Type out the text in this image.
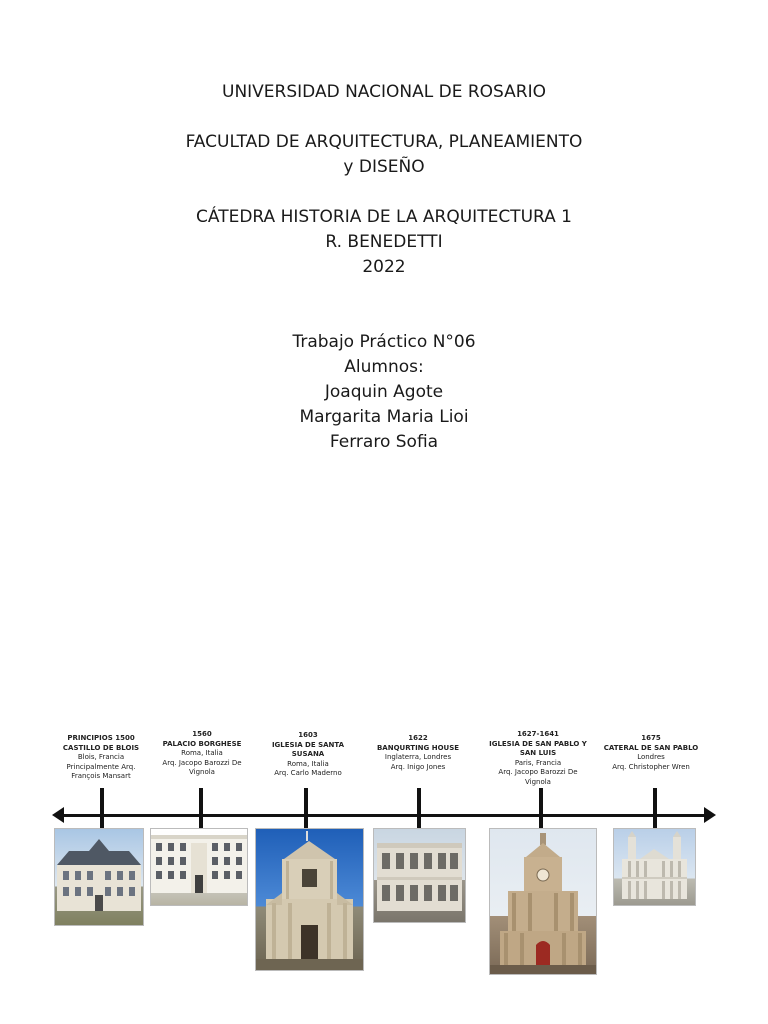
UNIVERSIDAD NACIONAL DE ROSARIO
FACULTAD DE ARQUITECTURA, PLANEAMIENTO
y DISEÑO
CÁTEDRA HISTORIA DE LA ARQUITECTURA 1
R. BENEDETTI
2022
Trabajo Práctico N°06
Alumnos:
Joaquin Agote
Margarita Maria Lioi
Ferraro Sofia
PRINCIPIOS 1500
CASTILLO DE BLOIS
Blois, Francia
Principalmente Arq. François Mansart
1560
PALACIO BORGHESE
Roma, Italia
Arq. Jacopo Barozzi De Vignola
1603
IGLESIA DE SANTA SUSANA
Roma, Italia
Arq. Carlo Maderno
1622
BANQURTING HOUSE
Inglaterra, Londres
Arq. Inigo Jones
1627-1641
IGLESIA DE SAN PABLO Y SAN LUIS
Paris, Francia
Arq. Jacopo Barozzi De Vignola
1675
CATERAL DE SAN PABLO
Londres
Arq. Christopher Wren
